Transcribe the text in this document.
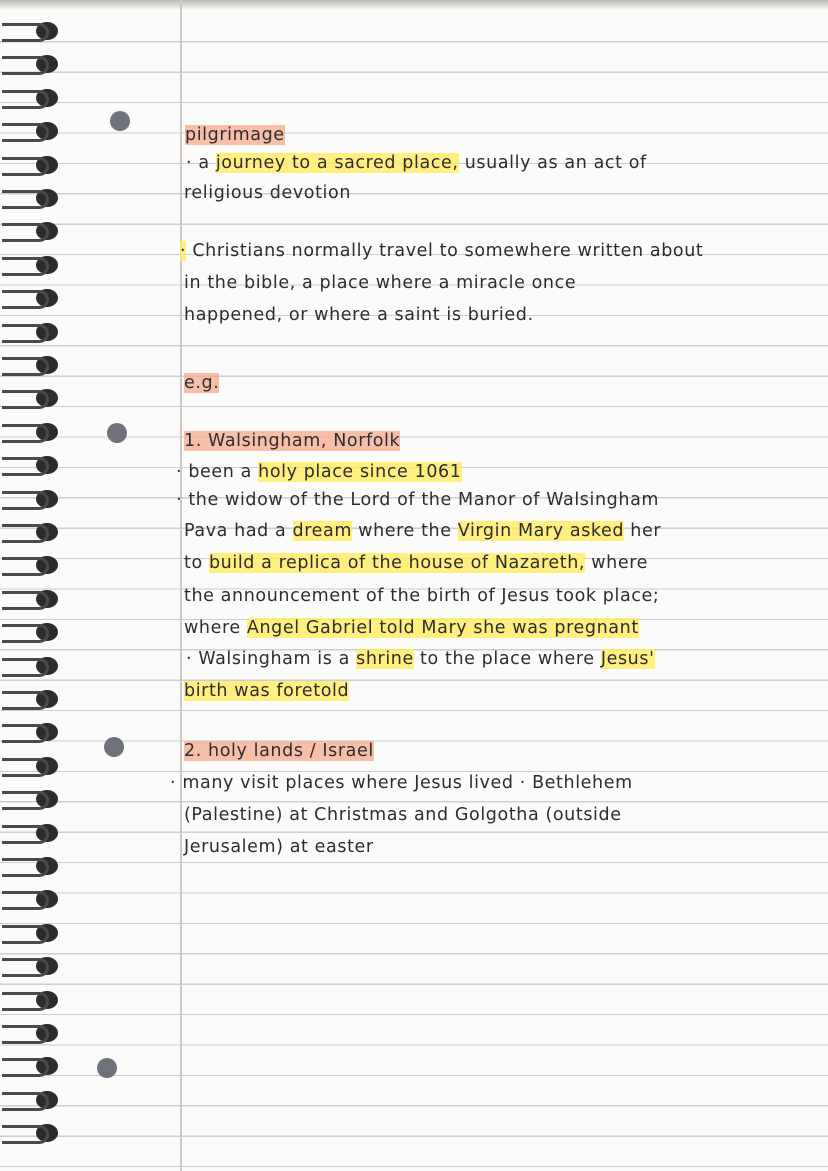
pilgrimage
· a journey to a sacred place, usually as an act of
religious devotion
· Christians normally travel to somewhere written about
in the bible, a place where a miracle once
happened, or where a saint is buried.
e.g.
1. Walsingham, Norfolk
· been a holy place since 1061
· the widow of the Lord of the Manor of Walsingham
Pava had a dream where the Virgin Mary asked her
to build a replica of the house of Nazareth, where
the announcement of the birth of Jesus took place;
where Angel Gabriel told Mary she was pregnant
· Walsingham is a shrine to the place where Jesus'
birth was foretold
2. holy lands / Israel
· many visit places where Jesus lived · Bethlehem
(Palestine) at Christmas and Golgotha (outside
Jerusalem) at easter
